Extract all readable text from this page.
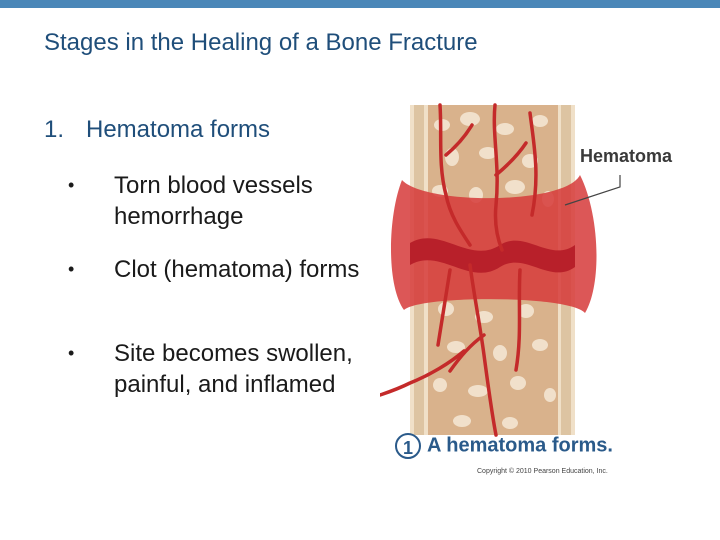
Stages in the Healing of a Bone Fracture
1. Hematoma forms
• Torn blood vessels hemorrhage
• Clot (hematoma) forms
• Site becomes swollen, painful, and inflamed
Hematoma
1 A hematoma forms.
Copyright © 2010 Pearson Education, Inc.
